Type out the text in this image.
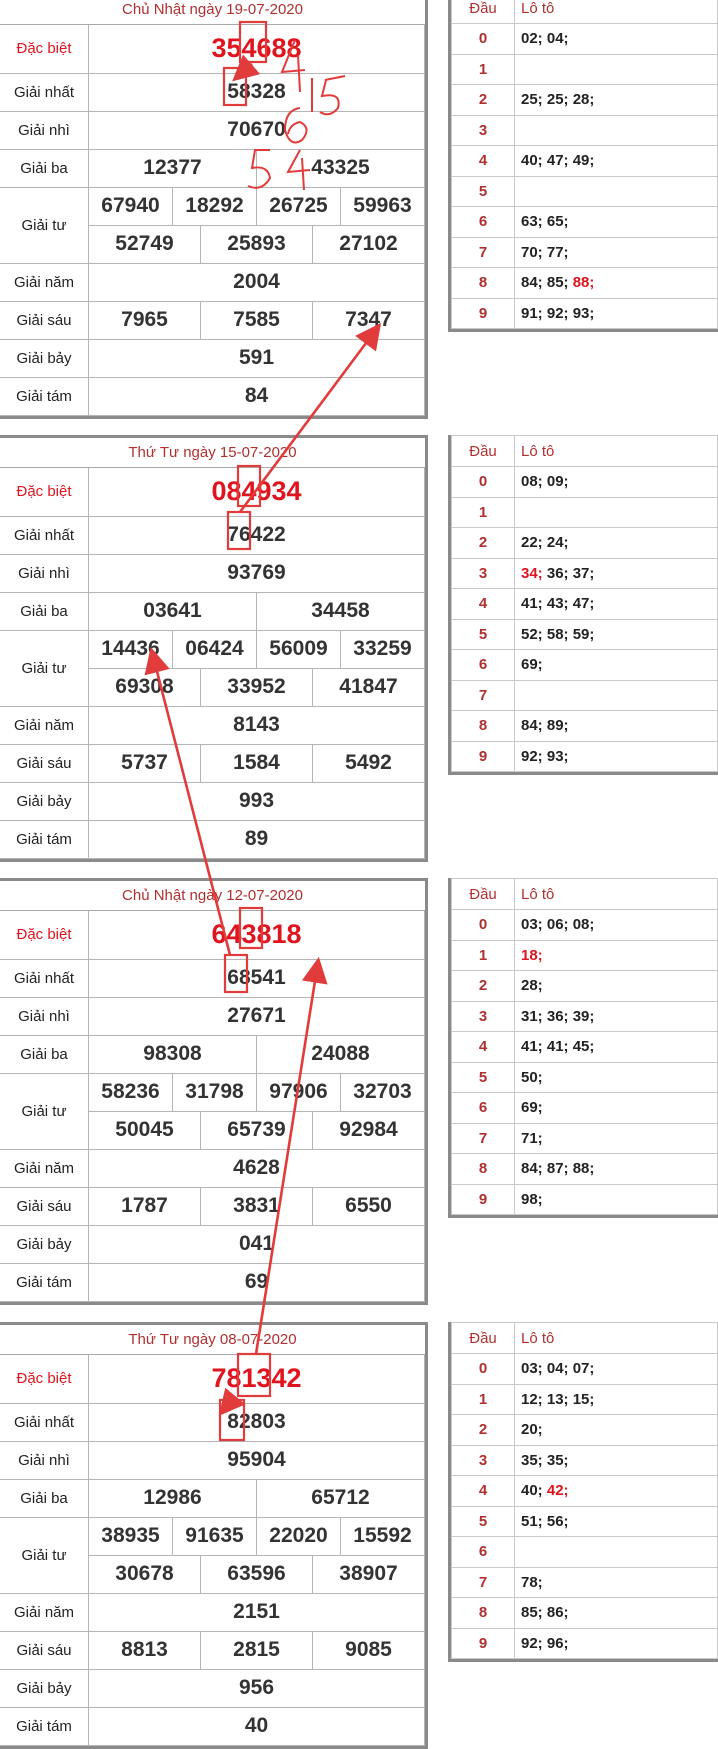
Chủ Nhật ngày 19-07-2020
Đặc biệt	354688					
Giải nhất	58328					
Giải nhì	70670					
Giải ba	12377			43325		
Giải tư	67940	18292		26725		59963
	52749		25893		27102	
Giải năm	2004					
Giải sáu	7965		7585		7347	
Giải bảy	591					
Giải tám	84					
Đầu	Lô tô
0	02; 04;
1	
2	25; 25; 28;
3	
4	40; 47; 49;
5	
6	63; 65;
7	70; 77;
8	84; 85; 88;
9	91; 92; 93;
Thứ Tư ngày 15-07-2020
Đặc biệt	084934					
Giải nhất	76422					
Giải nhì	93769					
Giải ba	03641			34458		
Giải tư	14436	06424		56009		33259
	69308		33952		41847	
Giải năm	8143					
Giải sáu	5737		1584		5492	
Giải bảy	993					
Giải tám	89					
Đầu	Lô tô
0	08; 09;
1	
2	22; 24;
3	34; 36; 37;
4	41; 43; 47;
5	52; 58; 59;
6	69;
7	
8	84; 89;
9	92; 93;
Chủ Nhật ngày 12-07-2020
Đặc biệt	643818					
Giải nhất	68541					
Giải nhì	27671					
Giải ba	98308			24088		
Giải tư	58236	31798		97906		32703
	50045		65739		92984	
Giải năm	4628					
Giải sáu	1787		3831		6550	
Giải bảy	041					
Giải tám	69					
Đầu	Lô tô
0	03; 06; 08;
1	18;
2	28;
3	31; 36; 39;
4	41; 41; 45;
5	50;
6	69;
7	71;
8	84; 87; 88;
9	98;
Thứ Tư ngày 08-07-2020
Đặc biệt	781342					
Giải nhất	82803					
Giải nhì	95904					
Giải ba	12986			65712		
Giải tư	38935	91635		22020		15592
	30678		63596		38907	
Giải năm	2151					
Giải sáu	8813		2815		9085	
Giải bảy	956					
Giải tám	40					
Đầu	Lô tô
0	03; 04; 07;
1	12; 13; 15;
2	20;
3	35; 35;
4	40; 42;
5	51; 56;
6	
7	78;
8	85; 86;
9	92; 96;
